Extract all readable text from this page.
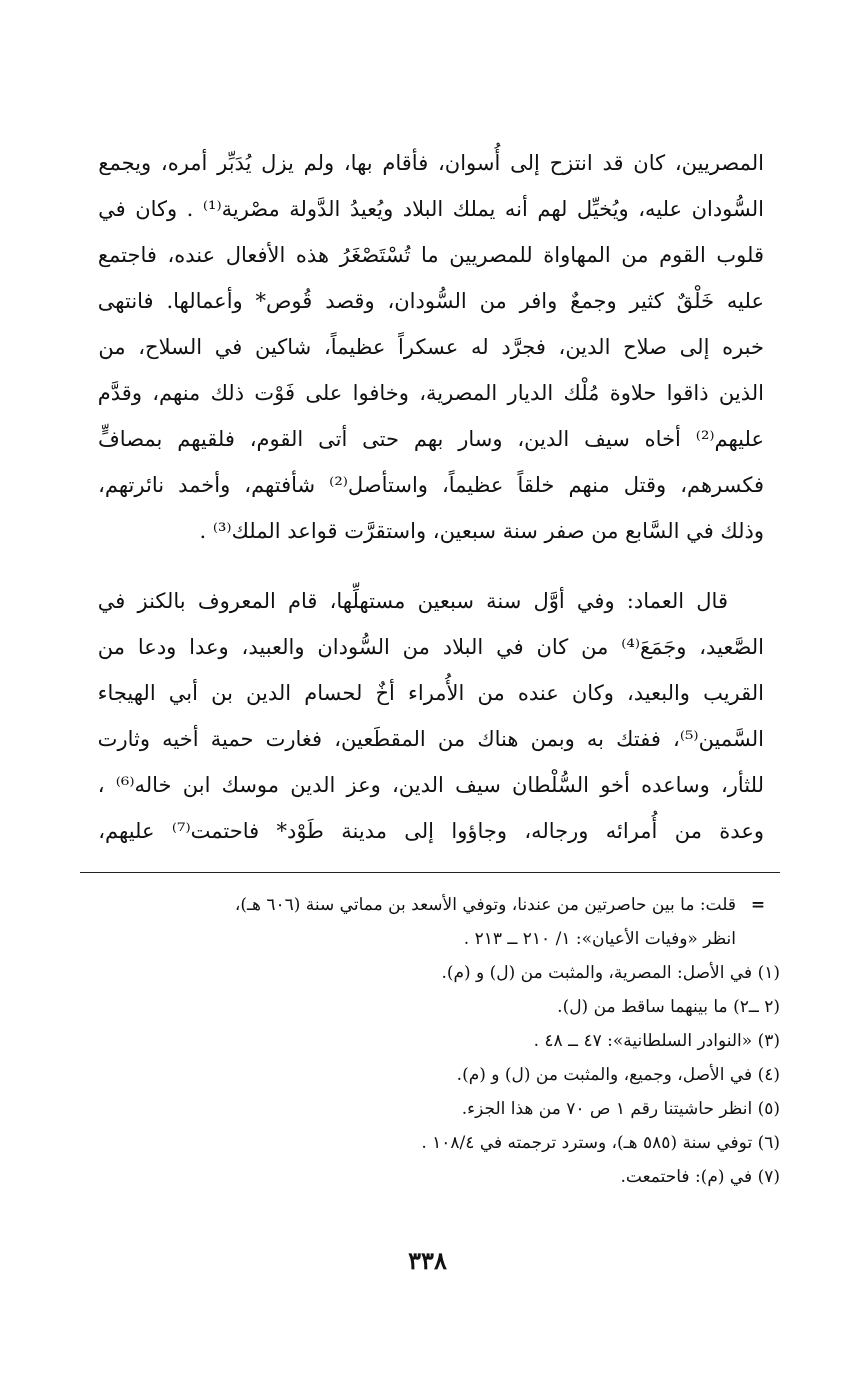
المصريين، كان قد انتزح إلى أُسوان، فأقام بها، ولم يزل يُدَبِّر أمره، ويجمع
السُّودان عليه، ويُخيِّل لهم أنه يملك البلاد ويُعيدُ الدَّولة مصْرية⁽¹⁾ . وكان في
قلوب القوم من المهاواة للمصريين ما تُسْتَصْغَرُ هذه الأفعال عنده، فاجتمع
عليه خَلْقٌ كثير وجمعٌ وافر من السُّودان، وقصد قُوص* وأعمالها. فانتهى
خبره إلى صلاح الدين، فجرَّد له عسكراً عظيماً، شاكين في السلاح، من
الذين ذاقوا حلاوة مُلْك الديار المصرية، وخافوا على فَوْت ذلك منهم، وقدَّم
عليهم⁽²⁾ أخاه سيف الدين، وسار بهم حتى أتى القوم، فلقيهم بمصافٍّ
فكسرهم، وقتل منهم خلقاً عظيماً، واستأصل⁽²⁾ شأفتهم، وأخمد نائرتهم،
وذلك في السَّابع من صفر سنة سبعين، واستقرَّت قواعد الملك⁽³⁾ .
قال العماد: وفي أوَّل سنة سبعين مستهلِّها، قام المعروف بالكنز في
الصَّعيد، وجَمَعَ⁽⁴⁾ من كان في البلاد من السُّودان والعبيد، وعدا ودعا من
القريب والبعيد، وكان عنده من الأُمراء أخٌ لحسام الدين بن أبي الهيجاء
السَّمين⁽⁵⁾، ففتك به وبمن هناك من المقطَعين، فغارت حمية أخيه وثارت
للثأر، وساعده أخو السُّلْطان سيف الدين، وعز الدين موسك ابن خاله⁽⁶⁾ ،
وعدة من أُمرائه ورجاله، وجاؤوا إلى مدينة طَوْد* فاحتمت⁽⁷⁾ عليهم،
=
قلت: ما بين حاصرتين من عندنا، وتوفي الأسعد بن مماتي سنة (٦٠٦ هـ)،
انظر «وفيات الأعيان»: ١/ ٢١٠ ــ ٢١٣ .
(١) في الأصل: المصرية، والمثبت من (ل) و (م).
(٢ ــ٢) ما بينهما ساقط من (ل).
(٣) «النوادر السلطانية»: ٤٧ ــ ٤٨ .
(٤) في الأصل، وجميع، والمثبت من (ل) و (م).
(٥) انظر حاشيتنا رقم ١ ص ٧٠ من هذا الجزء.
(٦) توفي سنة (٥٨٥ هـ)، وسترد ترجمته في ١٠٨/٤ .
(٧) في (م): فاحتمعت.
٣٣٨
